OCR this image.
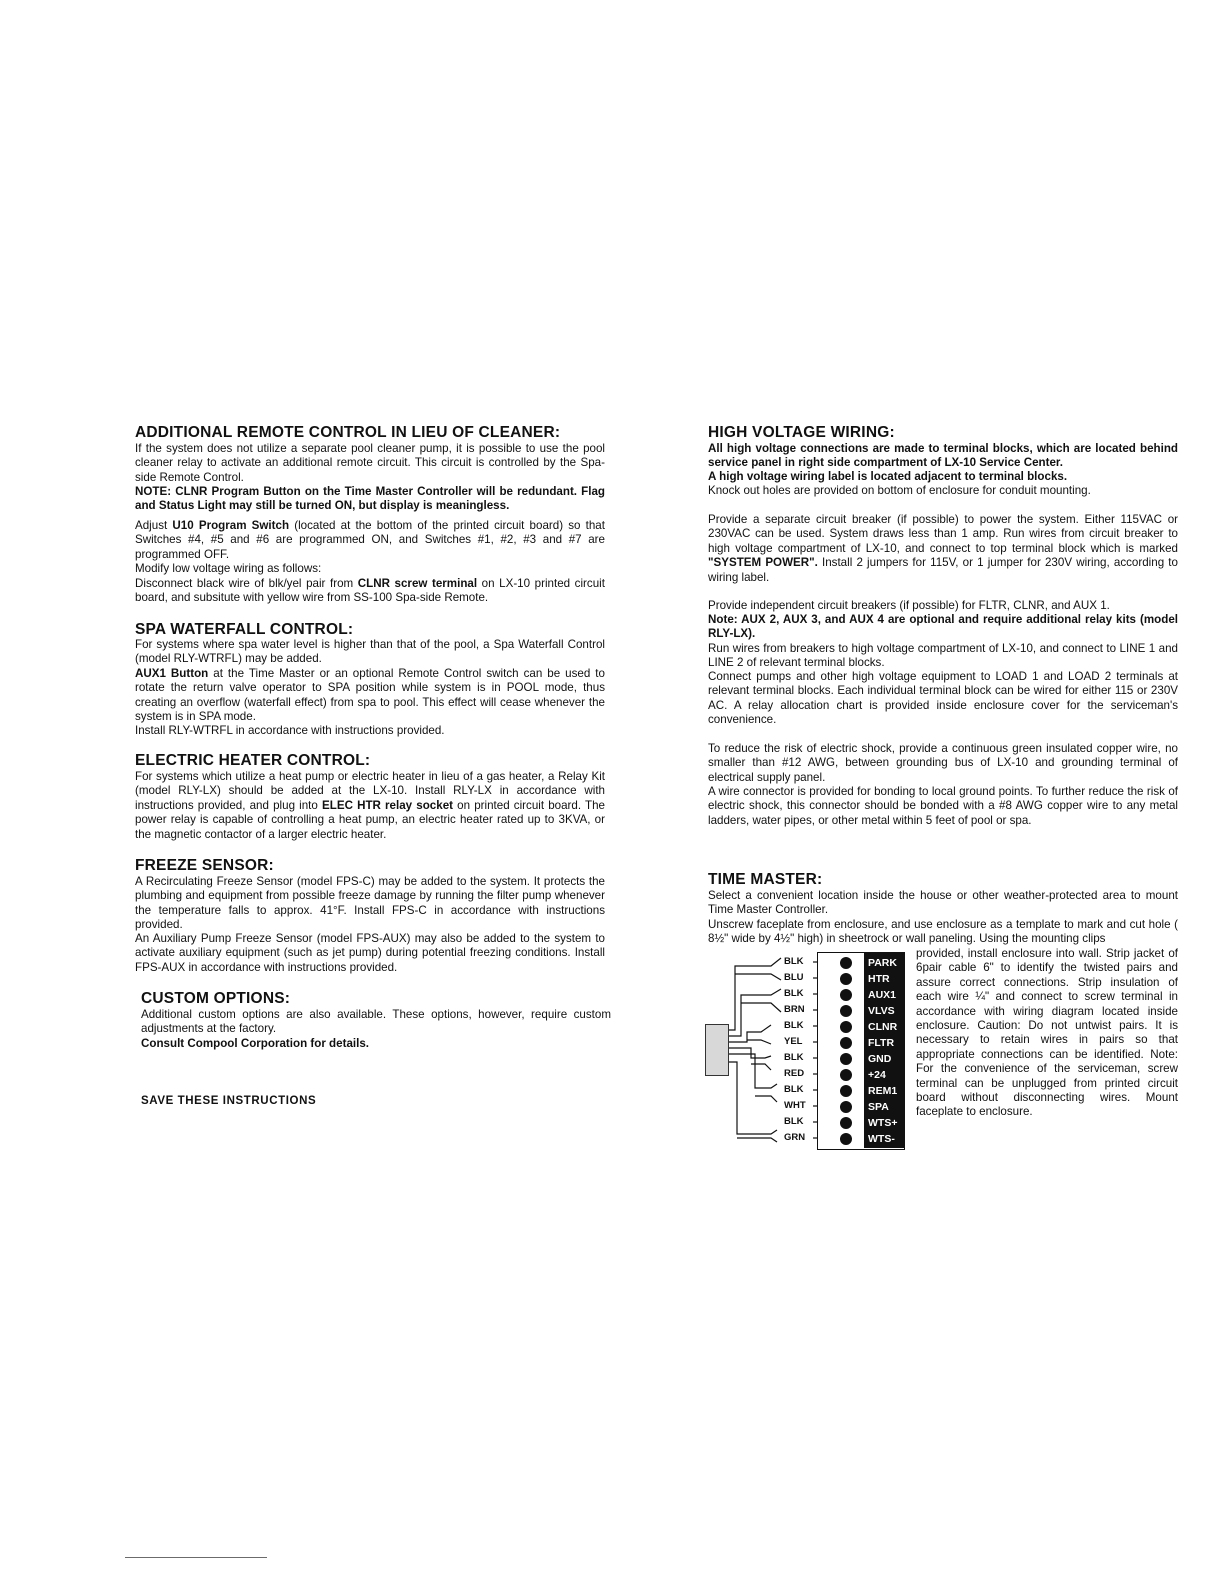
ADDITIONAL REMOTE CONTROL IN LIEU OF CLEANER:

If the system does not utilize a separate pool cleaner pump, it is possible to use the pool cleaner relay to activate an additional remote circuit. This circuit is controlled by the Spa-side Remote Control.

NOTE: CLNR Program Button on the Time Master Controller will be redundant. Flag and Status Light may still be turned ON, but display is meaningless.

Adjust U10 Program Switch (located at the bottom of the printed circuit board) so that Switches #4, #5 and #6 are programmed ON, and Switches #1, #2, #3 and #7 are programmed OFF.

Modify low voltage wiring as follows:

Disconnect black wire of blk/yel pair from CLNR screw terminal on LX-10 printed circuit board, and subsitute with yellow wire from SS-100 Spa-side Remote.

SPA WATERFALL CONTROL:

For systems where spa water level is higher than that of the pool, a Spa Waterfall Control (model RLY-WTRFL) may be added.

AUX1 Button at the Time Master or an optional Remote Control switch can be used to rotate the return valve operator to SPA position while system is in POOL mode, thus creating an overflow (waterfall effect) from spa to pool. This effect will cease whenever the system is in SPA mode.

Install RLY-WTRFL in accordance with instructions provided.

ELECTRIC HEATER CONTROL:

For systems which utilize a heat pump or electric heater in lieu of a gas heater, a Relay Kit (model RLY-LX) should be added at the LX-10. Install RLY-LX in accordance with instructions provided, and plug into ELEC HTR relay socket on printed circuit board. The power relay is capable of controlling a heat pump, an electric heater rated up to 3KVA, or the magnetic contactor of a larger electric heater.

FREEZE SENSOR:

A Recirculating Freeze Sensor (model FPS-C) may be added to the system. It protects the plumbing and equipment from possible freeze damage by running the filter pump whenever the temperature falls to approx. 41°F. Install FPS-C in accordance with instructions provided.

An Auxiliary Pump Freeze Sensor (model FPS-AUX) may also be added to the system to activate auxiliary equipment (such as jet pump) during potential freezing conditions. Install FPS-AUX in accordance with instructions provided.

CUSTOM OPTIONS:

Additional custom options are also available. These options, however, require custom adjustments at the factory.

Consult Compool Corporation for details.

SAVE THESE INSTRUCTIONS
HIGH VOLTAGE WIRING:

All high voltage connections are made to terminal blocks, which are located behind service panel in right side compartment of LX-10 Service Center.

A high voltage wiring label is located adjacent to terminal blocks.

Knock out holes are provided on bottom of enclosure for conduit mounting.

Provide a separate circuit breaker (if possible) to power the system. Either 115VAC or 230VAC can be used. System draws less than 1 amp. Run wires from circuit breaker to high voltage compartment of LX-10, and connect to top terminal block which is marked "SYSTEM POWER". Install 2 jumpers for 115V, or 1 jumper for 230V wiring, according to wiring label.

Provide independent circuit breakers (if possible) for FLTR, CLNR, and AUX 1.

Note: AUX 2, AUX 3, and AUX 4 are optional and require additional relay kits (model RLY-LX).

Run wires from breakers to high voltage compartment of LX-10, and connect to LINE 1 and LINE 2 of relevant terminal blocks.

Connect pumps and other high voltage equipment to LOAD 1 and LOAD 2 terminals at relevant terminal blocks. Each individual terminal block can be wired for either 115 or 230V AC. A relay allocation chart is provided inside enclosure cover for the serviceman's convenience.

To reduce the risk of electric shock, provide a continuous green insulated copper wire, no smaller than #12 AWG, between grounding bus of LX-10 and grounding terminal of electrical supply panel.

A wire connector is provided for bonding to local ground points. To further reduce the risk of electric shock, this connector should be bonded with a #8 AWG copper wire to any metal ladders, water pipes, or other metal within 5 feet of pool or spa.

TIME MASTER:

Select a convenient location inside the house or other weather-protected area to mount Time Master Controller.

Unscrew faceplate from enclosure, and use enclosure as a template to mark and cut hole ( 8½" wide by 4½" high) in sheetrock or wall paneling. Using the mounting clips

provided, install enclosure into wall. Strip jacket of 6pair cable 6" to identify the twisted pairs and assure correct connections. Strip insulation of each wire ¼" and connect to screw terminal in accordance with wiring diagram located inside enclosure. Caution: Do not untwist pairs. It is necessary to retain wires in pairs so that appropriate connections can be identified. Note: For the convenience of the serviceman, screw terminal can be unplugged from printed circuit board without disconnecting wires. Mount faceplate to enclosure.
BLK
BLU
BLK
BRN
BLK
YEL
BLK
RED
BLK
WHT
BLK
GRN
PARK
HTR
AUX1
VLVS
CLNR
FLTR
GND
+24
REM1
SPA
WTS+
WTS-
